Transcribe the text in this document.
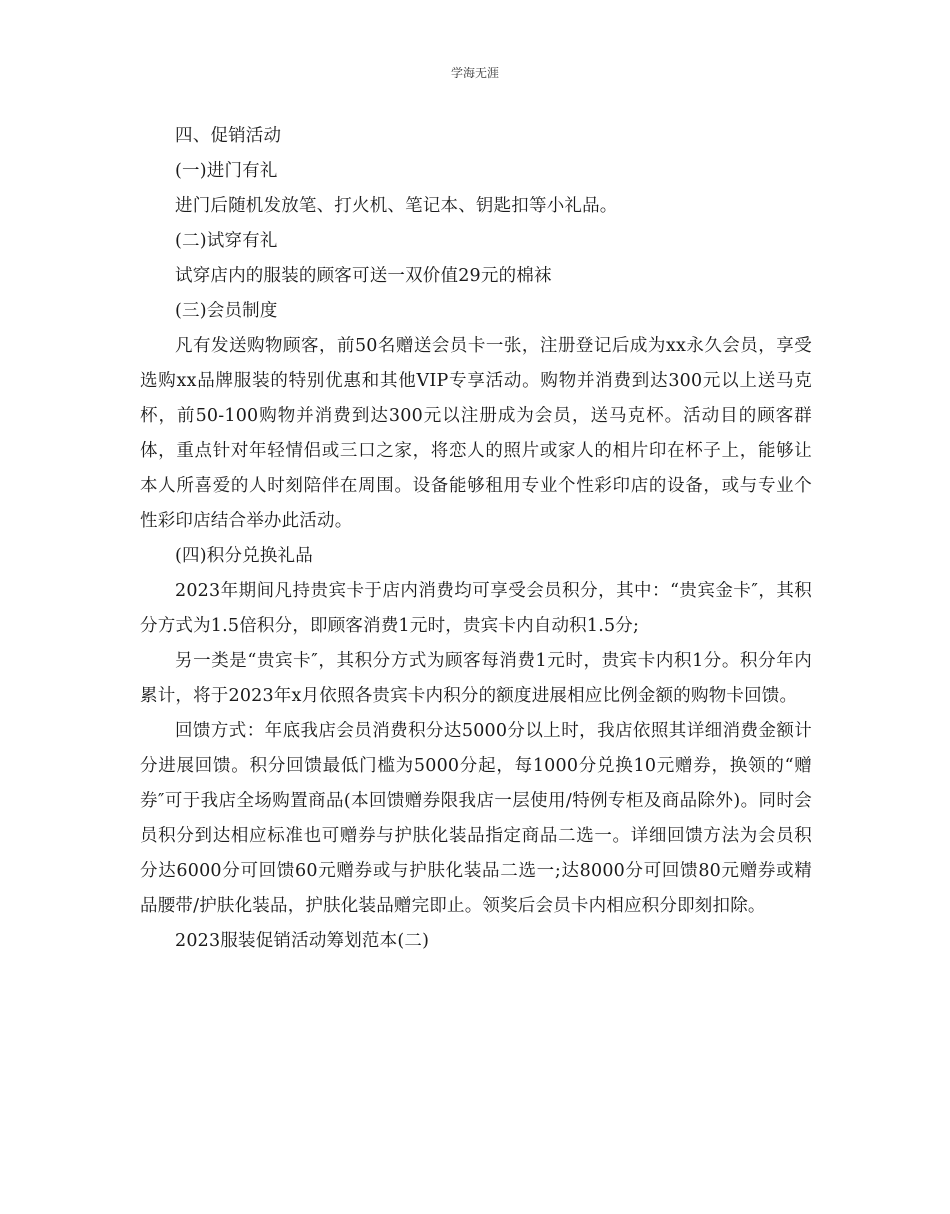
学海无涯
四、促销活动
(一)进门有礼
进门后随机发放笔、打火机、笔记本、钥匙扣等小礼品。
(二)试穿有礼
试穿店内的服装的顾客可送一双价值29元的棉袜
(三)会员制度

凡有发送购物顾客，前50名赠送会员卡一张，注册登记后成为xx永久会员，享受选购xx品牌服装的特别优惠和其他VIP专享活动。购物并消费到达300元以上送马克杯，前50-100购物并消费到达300元以注册成为会员，送马克杯。活动目的顾客群体，重点针对年轻情侣或三口之家，将恋人的照片或家人的相片印在杯子上，能够让本人所喜爱的人时刻陪伴在周围。设备能够租用专业个性彩印店的设备，或与专业个性彩印店结合举办此活动。

(四)积分兑换礼品

2023年期间凡持贵宾卡于店内消费均可享受会员积分，其中：“贵宾金卡″，其积分方式为1.5倍积分，即顾客消费1元时，贵宾卡内自动积1.5分;

另一类是“贵宾卡″，其积分方式为顾客每消费1元时，贵宾卡内积1分。积分年内累计，将于2023年x月依照各贵宾卡内积分的额度进展相应比例金额的购物卡回馈。

回馈方式：年底我店会员消费积分达5000分以上时，我店依照其详细消费金额计分进展回馈。积分回馈最低门槛为5000分起，每1000分兑换10元赠券，换领的“赠券″可于我店全场购置商品(本回馈赠券限我店一层使用/特例专柜及商品除外)。同时会员积分到达相应标准也可赠券与护肤化装品指定商品二选一。详细回馈方法为会员积分达6000分可回馈60元赠券或与护肤化装品二选一;达8000分可回馈80元赠券或精品腰带/护肤化装品，护肤化装品赠完即止。领奖后会员卡内相应积分即刻扣除。

2023服装促销活动筹划范本(二)
